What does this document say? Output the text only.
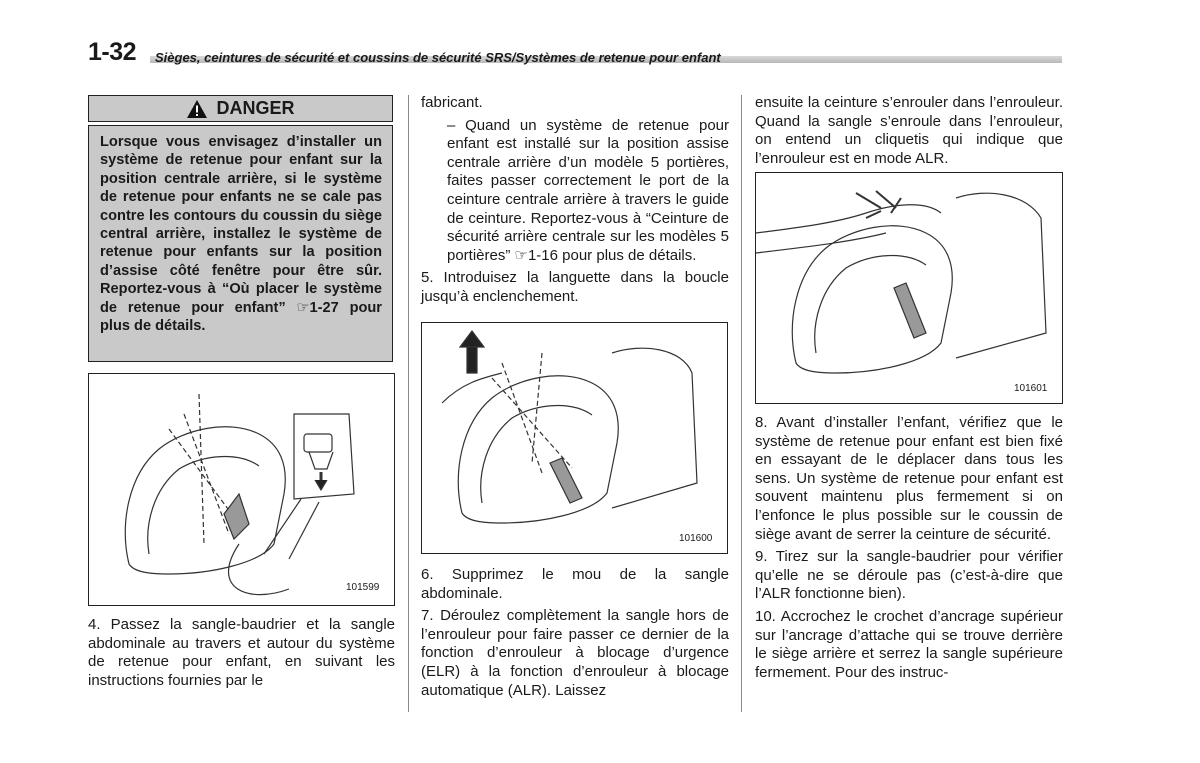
1-32 Sièges, ceintures de sécurité et coussins de sécurité SRS/Systèmes de retenue pour enfant
DANGER
Lorsque vous envisagez d’installer un système de retenue pour enfant sur la position centrale arrière, si le système de retenue pour enfants ne se cale pas contre les contours du coussin du siège central arrière, installez le système de retenue pour enfants sur la position d’assise côté fenêtre pour être sûr. Reportez-vous à “Où placer le système de retenue pour enfant” ☞1-27 pour plus de détails.
101599

4. Passez la sangle-baudrier et la sangle abdominale au travers et autour du système de retenue pour enfant, en suivant les instructions fournies par le

fabricant.

– Quand un système de retenue pour enfant est installé sur la position assise centrale arrière d’un modèle 5 portières, faites passer correctement le port de la ceinture centrale arrière à travers le guide de ceinture. Reportez-vous à “Ceinture de sécurité arrière centrale sur les modèles 5 portières” ☞1-16 pour plus de détails.

5. Introduisez la languette dans la boucle jusqu’à enclenchement.

101600

6. Supprimez le mou de la sangle abdominale.

7. Déroulez complètement la sangle hors de l’enrouleur pour faire passer ce dernier de la fonction d’enrouleur à blocage d’urgence (ELR) à la fonction d’enrouleur à blocage automatique (ALR). Laissez

ensuite la ceinture s’enrouler dans l’enrouleur. Quand la sangle s’enroule dans l’enrouleur, on entend un cliquetis qui indique que l’enrouleur est en mode ALR.

101601

8. Avant d’installer l’enfant, vérifiez que le système de retenue pour enfant est bien fixé en essayant de le déplacer dans tous les sens. Un système de retenue pour enfant est souvent maintenu plus fermement si on l’enfonce le plus possible sur le coussin de siège avant de serrer la ceinture de sécurité.

9. Tirez sur la sangle-baudrier pour vérifier qu’elle ne se déroule pas (c’est-à-dire que l’ALR fonctionne bien).

10. Accrochez le crochet d’ancrage supérieur sur l’ancrage d’attache qui se trouve derrière le siège arrière et serrez la sangle supérieure fermement. Pour des instruc-
